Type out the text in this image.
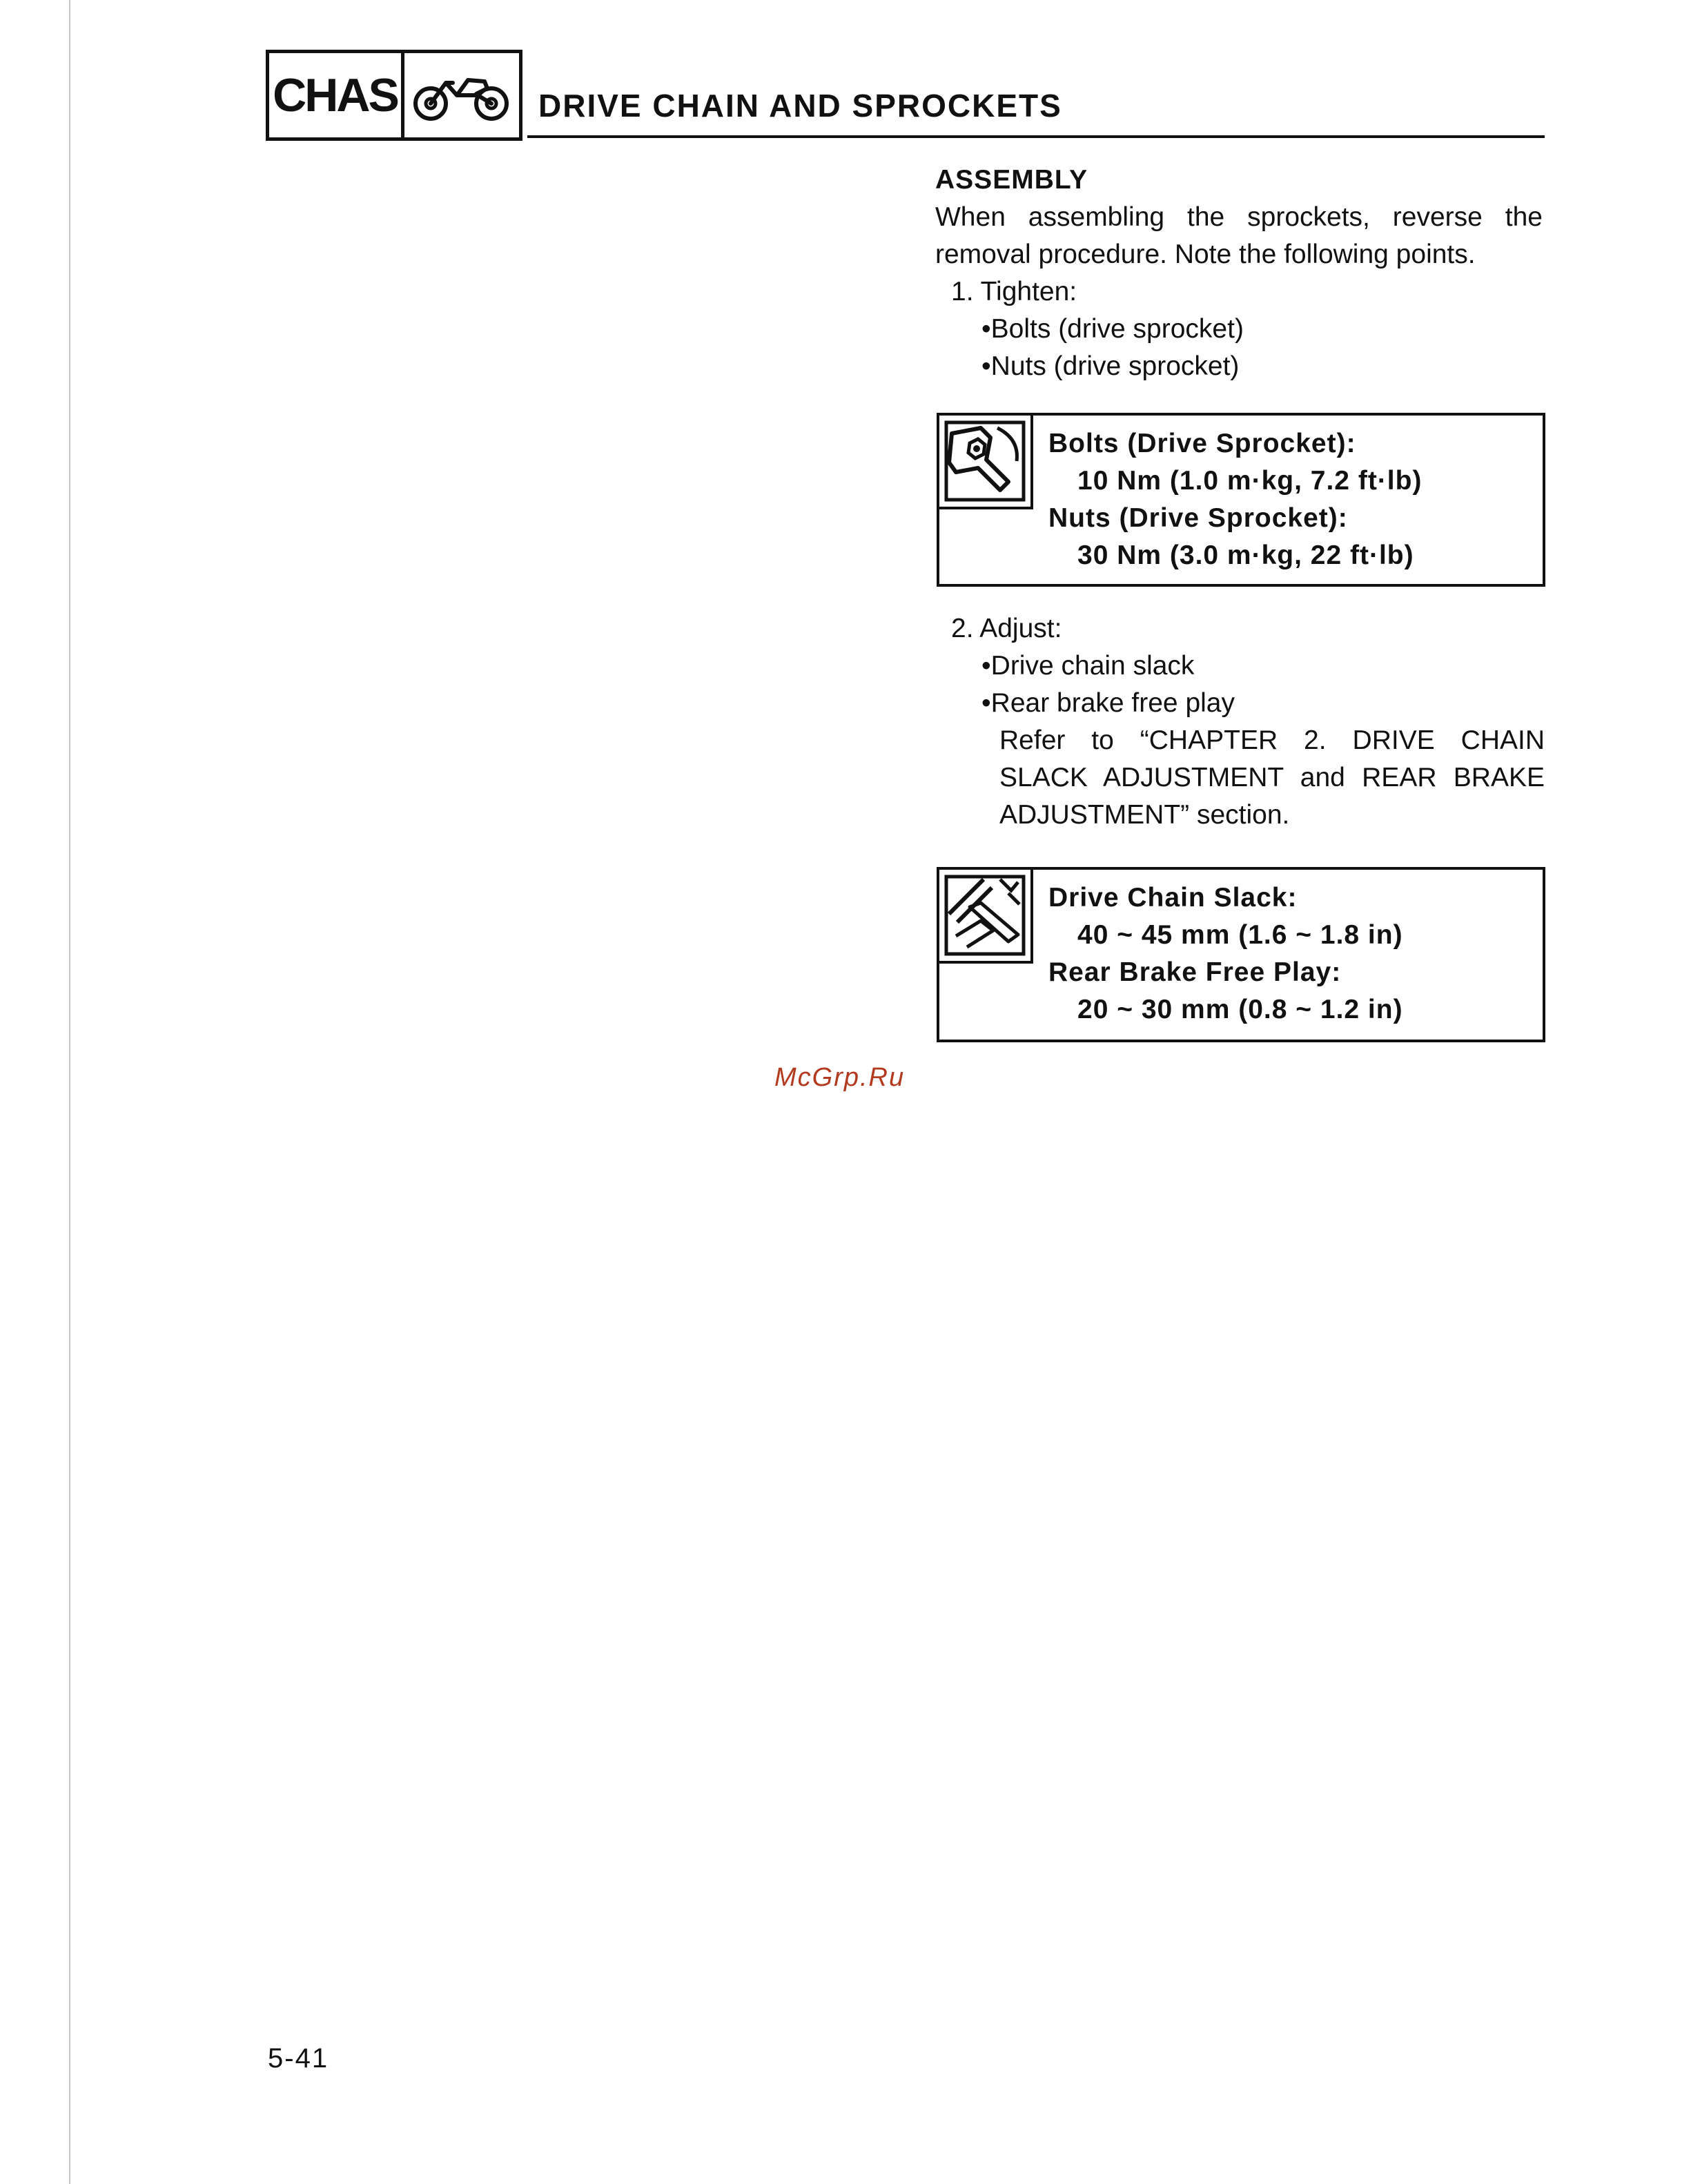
CHAS	DRIVE CHAIN AND SPROCKETS
ASSEMBLY
When assembling the sprockets, reverse the removal procedure. Note the following points.
1. Tighten:
• Bolts (drive sprocket)
• Nuts (drive sprocket)
Bolts (Drive Sprocket):
10 Nm (1.0 m·kg, 7.2 ft·lb)
Nuts (Drive Sprocket):
30 Nm (3.0 m·kg, 22 ft·lb)
2. Adjust:
• Drive chain slack
• Rear brake free play
Refer to “CHAPTER 2. DRIVE CHAIN SLACK ADJUSTMENT and REAR BRAKE ADJUSTMENT” section.
Drive Chain Slack:
40 ~ 45 mm (1.6 ~ 1.8 in)
Rear Brake Free Play:
20 ~ 30 mm (0.8 ~ 1.2 in)
McGrp.Ru
5-41
